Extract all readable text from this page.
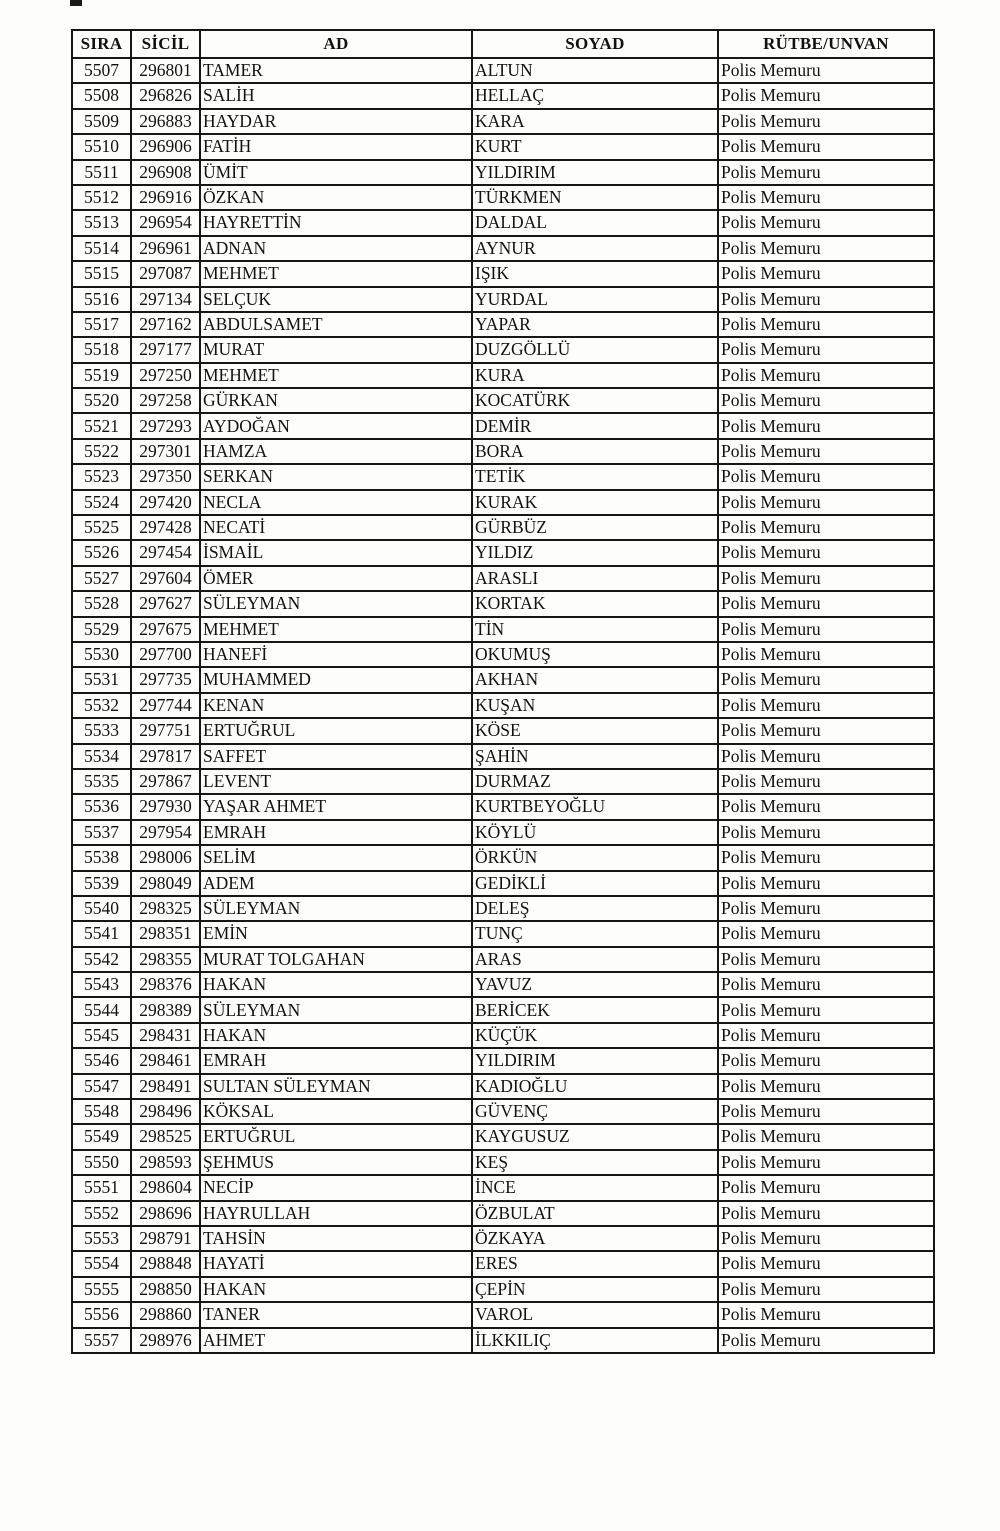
SIRA	SİCİL	AD	SOYAD	RÜTBE/UNVAN
5507	296801	TAMER	ALTUN	Polis Memuru
5508	296826	SALİH	HELLAÇ	Polis Memuru
5509	296883	HAYDAR	KARA	Polis Memuru
5510	296906	FATİH	KURT	Polis Memuru
5511	296908	ÜMİT	YILDIRIM	Polis Memuru
5512	296916	ÖZKAN	TÜRKMEN	Polis Memuru
5513	296954	HAYRETTİN	DALDAL	Polis Memuru
5514	296961	ADNAN	AYNUR	Polis Memuru
5515	297087	MEHMET	IŞIK	Polis Memuru
5516	297134	SELÇUK	YURDAL	Polis Memuru
5517	297162	ABDULSAMET	YAPAR	Polis Memuru
5518	297177	MURAT	DUZGÖLLÜ	Polis Memuru
5519	297250	MEHMET	KURA	Polis Memuru
5520	297258	GÜRKAN	KOCATÜRK	Polis Memuru
5521	297293	AYDOĞAN	DEMİR	Polis Memuru
5522	297301	HAMZA	BORA	Polis Memuru
5523	297350	SERKAN	TETİK	Polis Memuru
5524	297420	NECLA	KURAK	Polis Memuru
5525	297428	NECATİ	GÜRBÜZ	Polis Memuru
5526	297454	İSMAİL	YILDIZ	Polis Memuru
5527	297604	ÖMER	ARASLI	Polis Memuru
5528	297627	SÜLEYMAN	KORTAK	Polis Memuru
5529	297675	MEHMET	TİN	Polis Memuru
5530	297700	HANEFİ	OKUMUŞ	Polis Memuru
5531	297735	MUHAMMED	AKHAN	Polis Memuru
5532	297744	KENAN	KUŞAN	Polis Memuru
5533	297751	ERTUĞRUL	KÖSE	Polis Memuru
5534	297817	SAFFET	ŞAHİN	Polis Memuru
5535	297867	LEVENT	DURMAZ	Polis Memuru
5536	297930	YAŞAR AHMET	KURTBEYOĞLU	Polis Memuru
5537	297954	EMRAH	KÖYLÜ	Polis Memuru
5538	298006	SELİM	ÖRKÜN	Polis Memuru
5539	298049	ADEM	GEDİKLİ	Polis Memuru
5540	298325	SÜLEYMAN	DELEŞ	Polis Memuru
5541	298351	EMİN	TUNÇ	Polis Memuru
5542	298355	MURAT TOLGAHAN	ARAS	Polis Memuru
5543	298376	HAKAN	YAVUZ	Polis Memuru
5544	298389	SÜLEYMAN	BERİCEK	Polis Memuru
5545	298431	HAKAN	KÜÇÜK	Polis Memuru
5546	298461	EMRAH	YILDIRIM	Polis Memuru
5547	298491	SULTAN SÜLEYMAN	KADIOĞLU	Polis Memuru
5548	298496	KÖKSAL	GÜVENÇ	Polis Memuru
5549	298525	ERTUĞRUL	KAYGUSUZ	Polis Memuru
5550	298593	ŞEHMUS	KEŞ	Polis Memuru
5551	298604	NECİP	İNCE	Polis Memuru
5552	298696	HAYRULLAH	ÖZBULAT	Polis Memuru
5553	298791	TAHSİN	ÖZKAYA	Polis Memuru
5554	298848	HAYATİ	ERES	Polis Memuru
5555	298850	HAKAN	ÇEPİN	Polis Memuru
5556	298860	TANER	VAROL	Polis Memuru
5557	298976	AHMET	İLKKILIÇ	Polis Memuru
